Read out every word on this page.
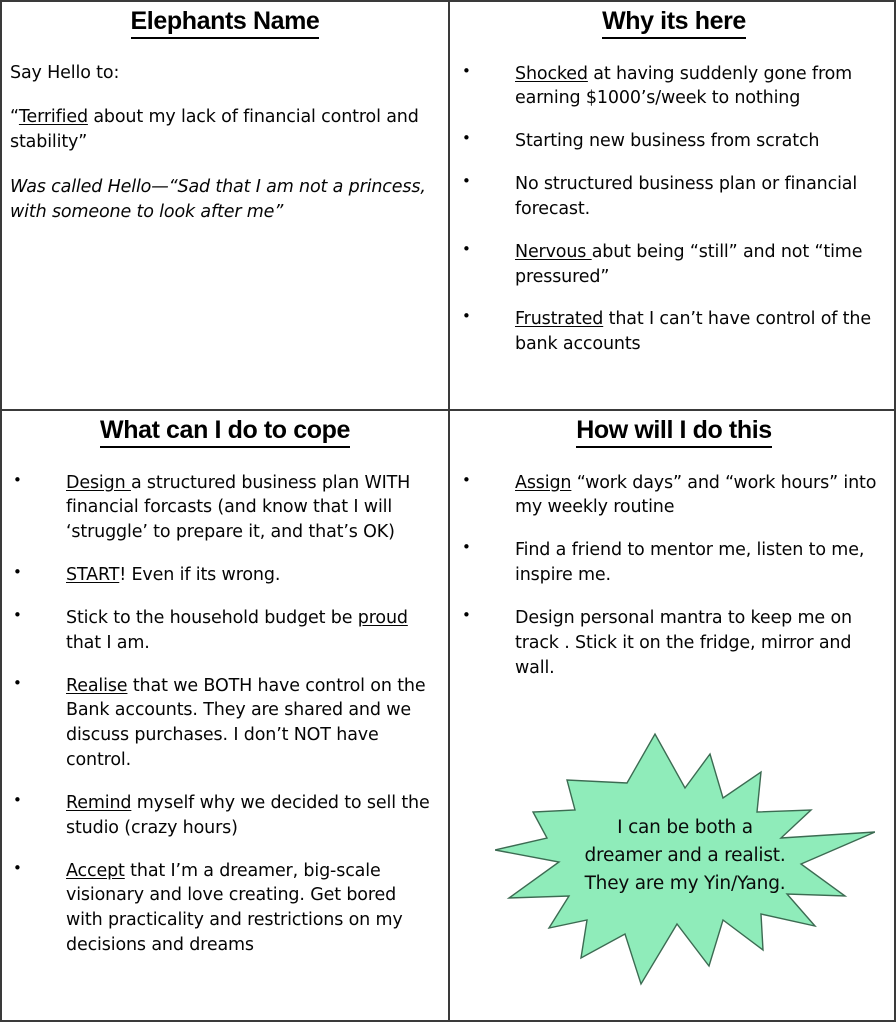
Elephants Name

Say Hello to:

“Terrified about my lack of financial control and stability”

Was called Hello—“Sad that I am not a princess, with someone to look after me”

Why its here
• Shocked at having suddenly gone from earning $1000’s/week to nothing
• Starting new business from scratch
• No structured business plan or financial forecast.
• Nervous abut being “still” and not “time pressured”
• Frustrated that I can’t have control of the bank accounts
What can I do to cope
• Design a structured business plan WITH financial forcasts (and know that I will ‘struggle’ to prepare it, and that’s OK)
• START! Even if its wrong.
• Stick to the household budget be proud that I am.
• Realise that we BOTH have control on the Bank accounts. They are shared and we discuss purchases. I don’t NOT have control.
• Remind myself why we decided to sell the studio (crazy hours)
• Accept that I’m a dreamer, big-scale visionary and love creating. Get bored with practicality and restrictions on my decisions and dreams
How will I do this
• Assign “work days” and “work hours” into my weekly routine
• Find a friend to mentor me, listen to me, inspire me.
• Design personal mantra to keep me on track . Stick it on the fridge, mirror and wall.
I can be both a
dreamer and a realist.
They are my Yin/Yang.
